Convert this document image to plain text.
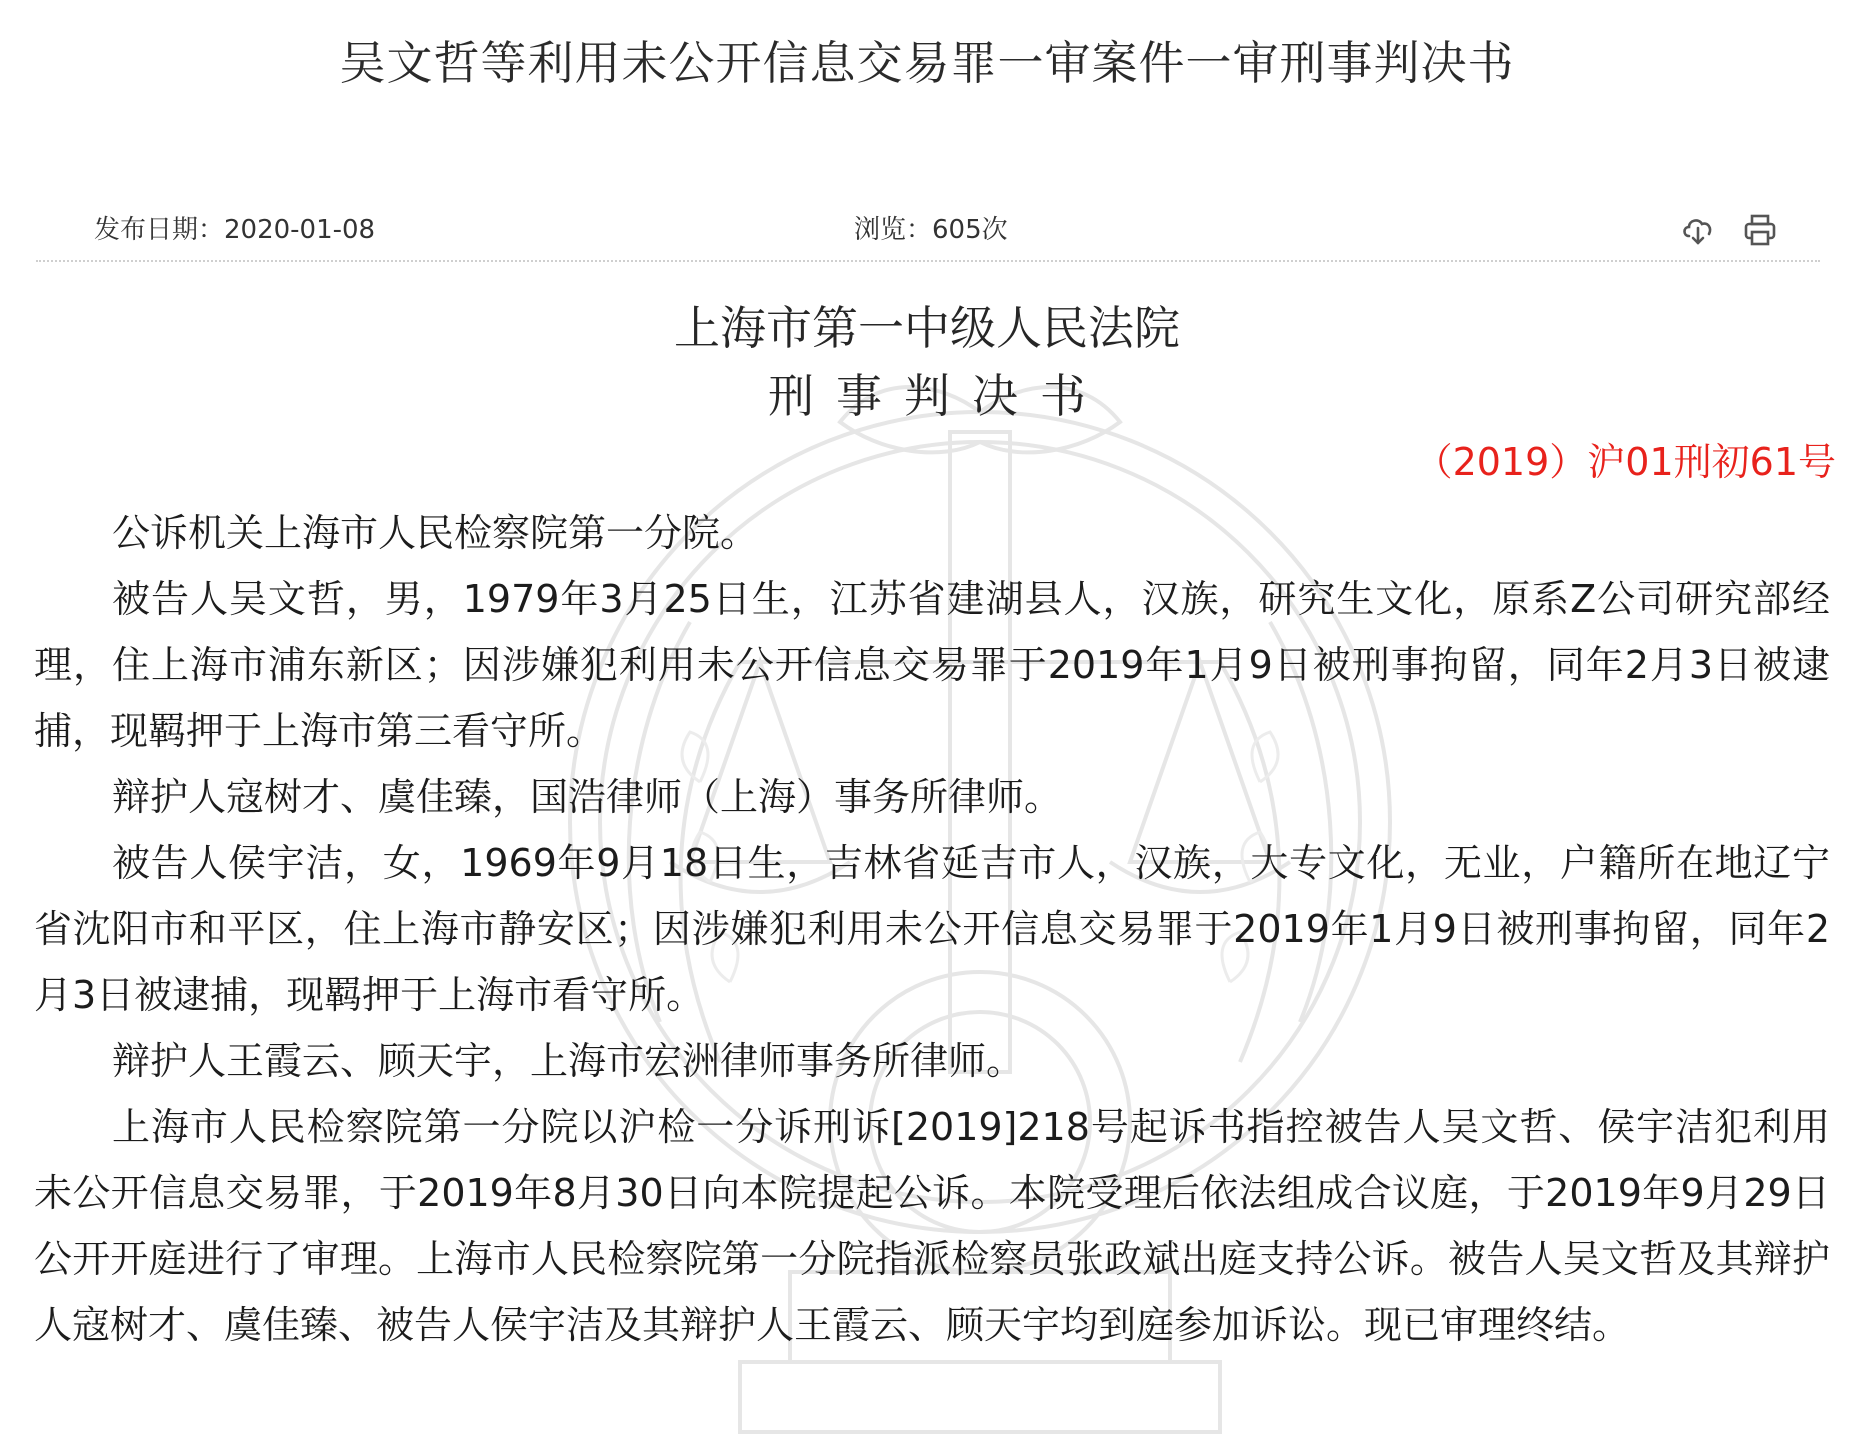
吴文哲等利用未公开信息交易罪一审案件一审刑事判决书
发布日期：2020-01-08	浏览：605次
上海市第一中级人民法院
刑事判决书
（2019）沪01刑初61号

公诉机关上海市人民检察院第一分院。

被告人吴文哲，男，1979年3月25日生，江苏省建湖县人，汉族，研究生文化，原系Z公司研究部经理，住上海市浦东新区；因涉嫌犯利用未公开信息交易罪于2019年1月9日被刑事拘留，同年2月3日被逮捕，现羁押于上海市第三看守所。

辩护人寇树才、虞佳臻，国浩律师（上海）事务所律师。

被告人侯宇洁，女，1969年9月18日生，吉林省延吉市人，汉族，大专文化，无业，户籍所在地辽宁省沈阳市和平区，住上海市静安区；因涉嫌犯利用未公开信息交易罪于2019年1月9日被刑事拘留，同年2月3日被逮捕，现羁押于上海市看守所。

辩护人王霞云、顾天宇，上海市宏洲律师事务所律师。

上海市人民检察院第一分院以沪检一分诉刑诉[2019]218号起诉书指控被告人吴文哲、侯宇洁犯利用未公开信息交易罪，于2019年8月30日向本院提起公诉。本院受理后依法组成合议庭，于2019年9月29日公开开庭进行了审理。上海市人民检察院第一分院指派检察员张政斌出庭支持公诉。被告人吴文哲及其辩护人寇树才、虞佳臻、被告人侯宇洁及其辩护人王霞云、顾天宇均到庭参加诉讼。现已审理终结。
